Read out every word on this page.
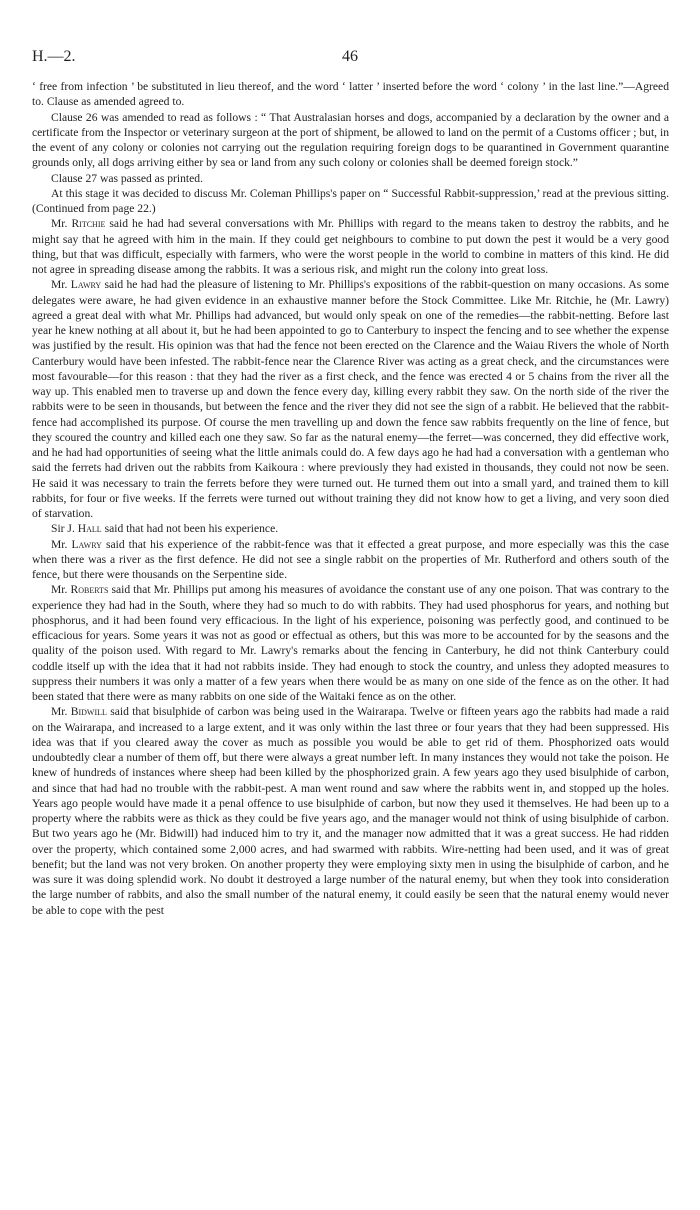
H.—2.	46

‘ free from infection ’ be substituted in lieu thereof, and the word ‘ latter ’ inserted before the word ‘ colony ’ in the last line.”—Agreed to. Clause as amended agreed to.

Clause 26 was amended to read as follows : “ That Australasian horses and dogs, accompanied by a declaration by the owner and a certificate from the Inspector or veterinary surgeon at the port of shipment, be allowed to land on the permit of a Customs officer ; but, in the event of any colony or colonies not carrying out the regulation requiring foreign dogs to be quarantined in Government quarantine grounds only, all dogs arriving either by sea or land from any such colony or colonies shall be deemed foreign stock.”

Clause 27 was passed as printed.

At this stage it was decided to discuss Mr. Coleman Phillips's paper on “ Successful Rabbit-suppression,’ read at the previous sitting. (Continued from page 22.)

Mr. Ritchie said he had had several conversations with Mr. Phillips with regard to the means taken to destroy the rabbits, and he might say that he agreed with him in the main. If they could get neighbours to combine to put down the pest it would be a very good thing, but that was difficult, especially with farmers, who were the worst people in the world to combine in matters of this kind. He did not agree in spreading disease among the rabbits. It was a serious risk, and might run the colony into great loss.

Mr. Lawry said he had had the pleasure of listening to Mr. Phillips's expositions of the rabbit-question on many occasions. As some delegates were aware, he had given evidence in an exhaustive manner before the Stock Committee. Like Mr. Ritchie, he (Mr. Lawry) agreed a great deal with what Mr. Phillips had advanced, but would only speak on one of the remedies—the rabbit-netting. Before last year he knew nothing at all about it, but he had been appointed to go to Canterbury to inspect the fencing and to see whether the expense was justified by the result. His opinion was that had the fence not been erected on the Clarence and the Waiau Rivers the whole of North Canterbury would have been infested. The rabbit-fence near the Clarence River was acting as a great check, and the circumstances were most favourable—for this reason : that they had the river as a first check, and the fence was erected 4 or 5 chains from the river all the way up. This enabled men to traverse up and down the fence every day, killing every rabbit they saw. On the north side of the river the rabbits were to be seen in thousands, but between the fence and the river they did not see the sign of a rabbit. He believed that the rabbit-fence had accomplished its purpose. Of course the men travelling up and down the fence saw rabbits frequently on the line of fence, but they scoured the country and killed each one they saw. So far as the natural enemy—the ferret—was concerned, they did effective work, and he had had opportunities of seeing what the little animals could do. A few days ago he had had a conversation with a gentleman who said the ferrets had driven out the rabbits from Kaikoura : where previously they had existed in thousands, they could not now be seen. He said it was necessary to train the ferrets before they were turned out. He turned them out into a small yard, and trained them to kill rabbits, for four or five weeks. If the ferrets were turned out without training they did not know how to get a living, and very soon died of starvation.

Sir J. Hall said that had not been his experience.

Mr. Lawry said that his experience of the rabbit-fence was that it effected a great purpose, and more especially was this the case when there was a river as the first defence. He did not see a single rabbit on the properties of Mr. Rutherford and others south of the fence, but there were thousands on the Serpentine side.

Mr. Roberts said that Mr. Phillips put among his measures of avoidance the constant use of any one poison. That was contrary to the experience they had had in the South, where they had so much to do with rabbits. They had used phosphorus for years, and nothing but phosphorus, and it had been found very efficacious. In the light of his experience, poisoning was perfectly good, and continued to be efficacious for years. Some years it was not as good or effectual as others, but this was more to be accounted for by the seasons and the quality of the poison used. With regard to Mr. Lawry's remarks about the fencing in Canterbury, he did not think Canterbury could coddle itself up with the idea that it had not rabbits inside. They had enough to stock the country, and unless they adopted measures to suppress their numbers it was only a matter of a few years when there would be as many on one side of the fence as on the other. It had been stated that there were as many rabbits on one side of the Waitaki fence as on the other.

Mr. Bidwill said that bisulphide of carbon was being used in the Wairarapa. Twelve or fifteen years ago the rabbits had made a raid on the Wairarapa, and increased to a large extent, and it was only within the last three or four years that they had been suppressed. His idea was that if you cleared away the cover as much as possible you would be able to get rid of them. Phosphorized oats would undoubtedly clear a number of them off, but there were always a great number left. In many instances they would not take the poison. He knew of hundreds of instances where sheep had been killed by the phosphorized grain. A few years ago they used bisulphide of carbon, and since that had had no trouble with the rabbit-pest. A man went round and saw where the rabbits went in, and stopped up the holes. Years ago people would have made it a penal offence to use bisulphide of carbon, but now they used it themselves. He had been up to a property where the rabbits were as thick as they could be five years ago, and the manager would not think of using bisulphide of carbon. But two years ago he (Mr. Bidwill) had induced him to try it, and the manager now admitted that it was a great success. He had ridden over the property, which contained some 2,000 acres, and had swarmed with rabbits. Wire-netting had been used, and it was of great benefit; but the land was not very broken. On another property they were employing sixty men in using the bisulphide of carbon, and he was sure it was doing splendid work. No doubt it destroyed a large number of the natural enemy, but when they took into consideration the large number of rabbits, and also the small number of the natural enemy, it could easily be seen that the natural enemy would never be able to cope with the pest
